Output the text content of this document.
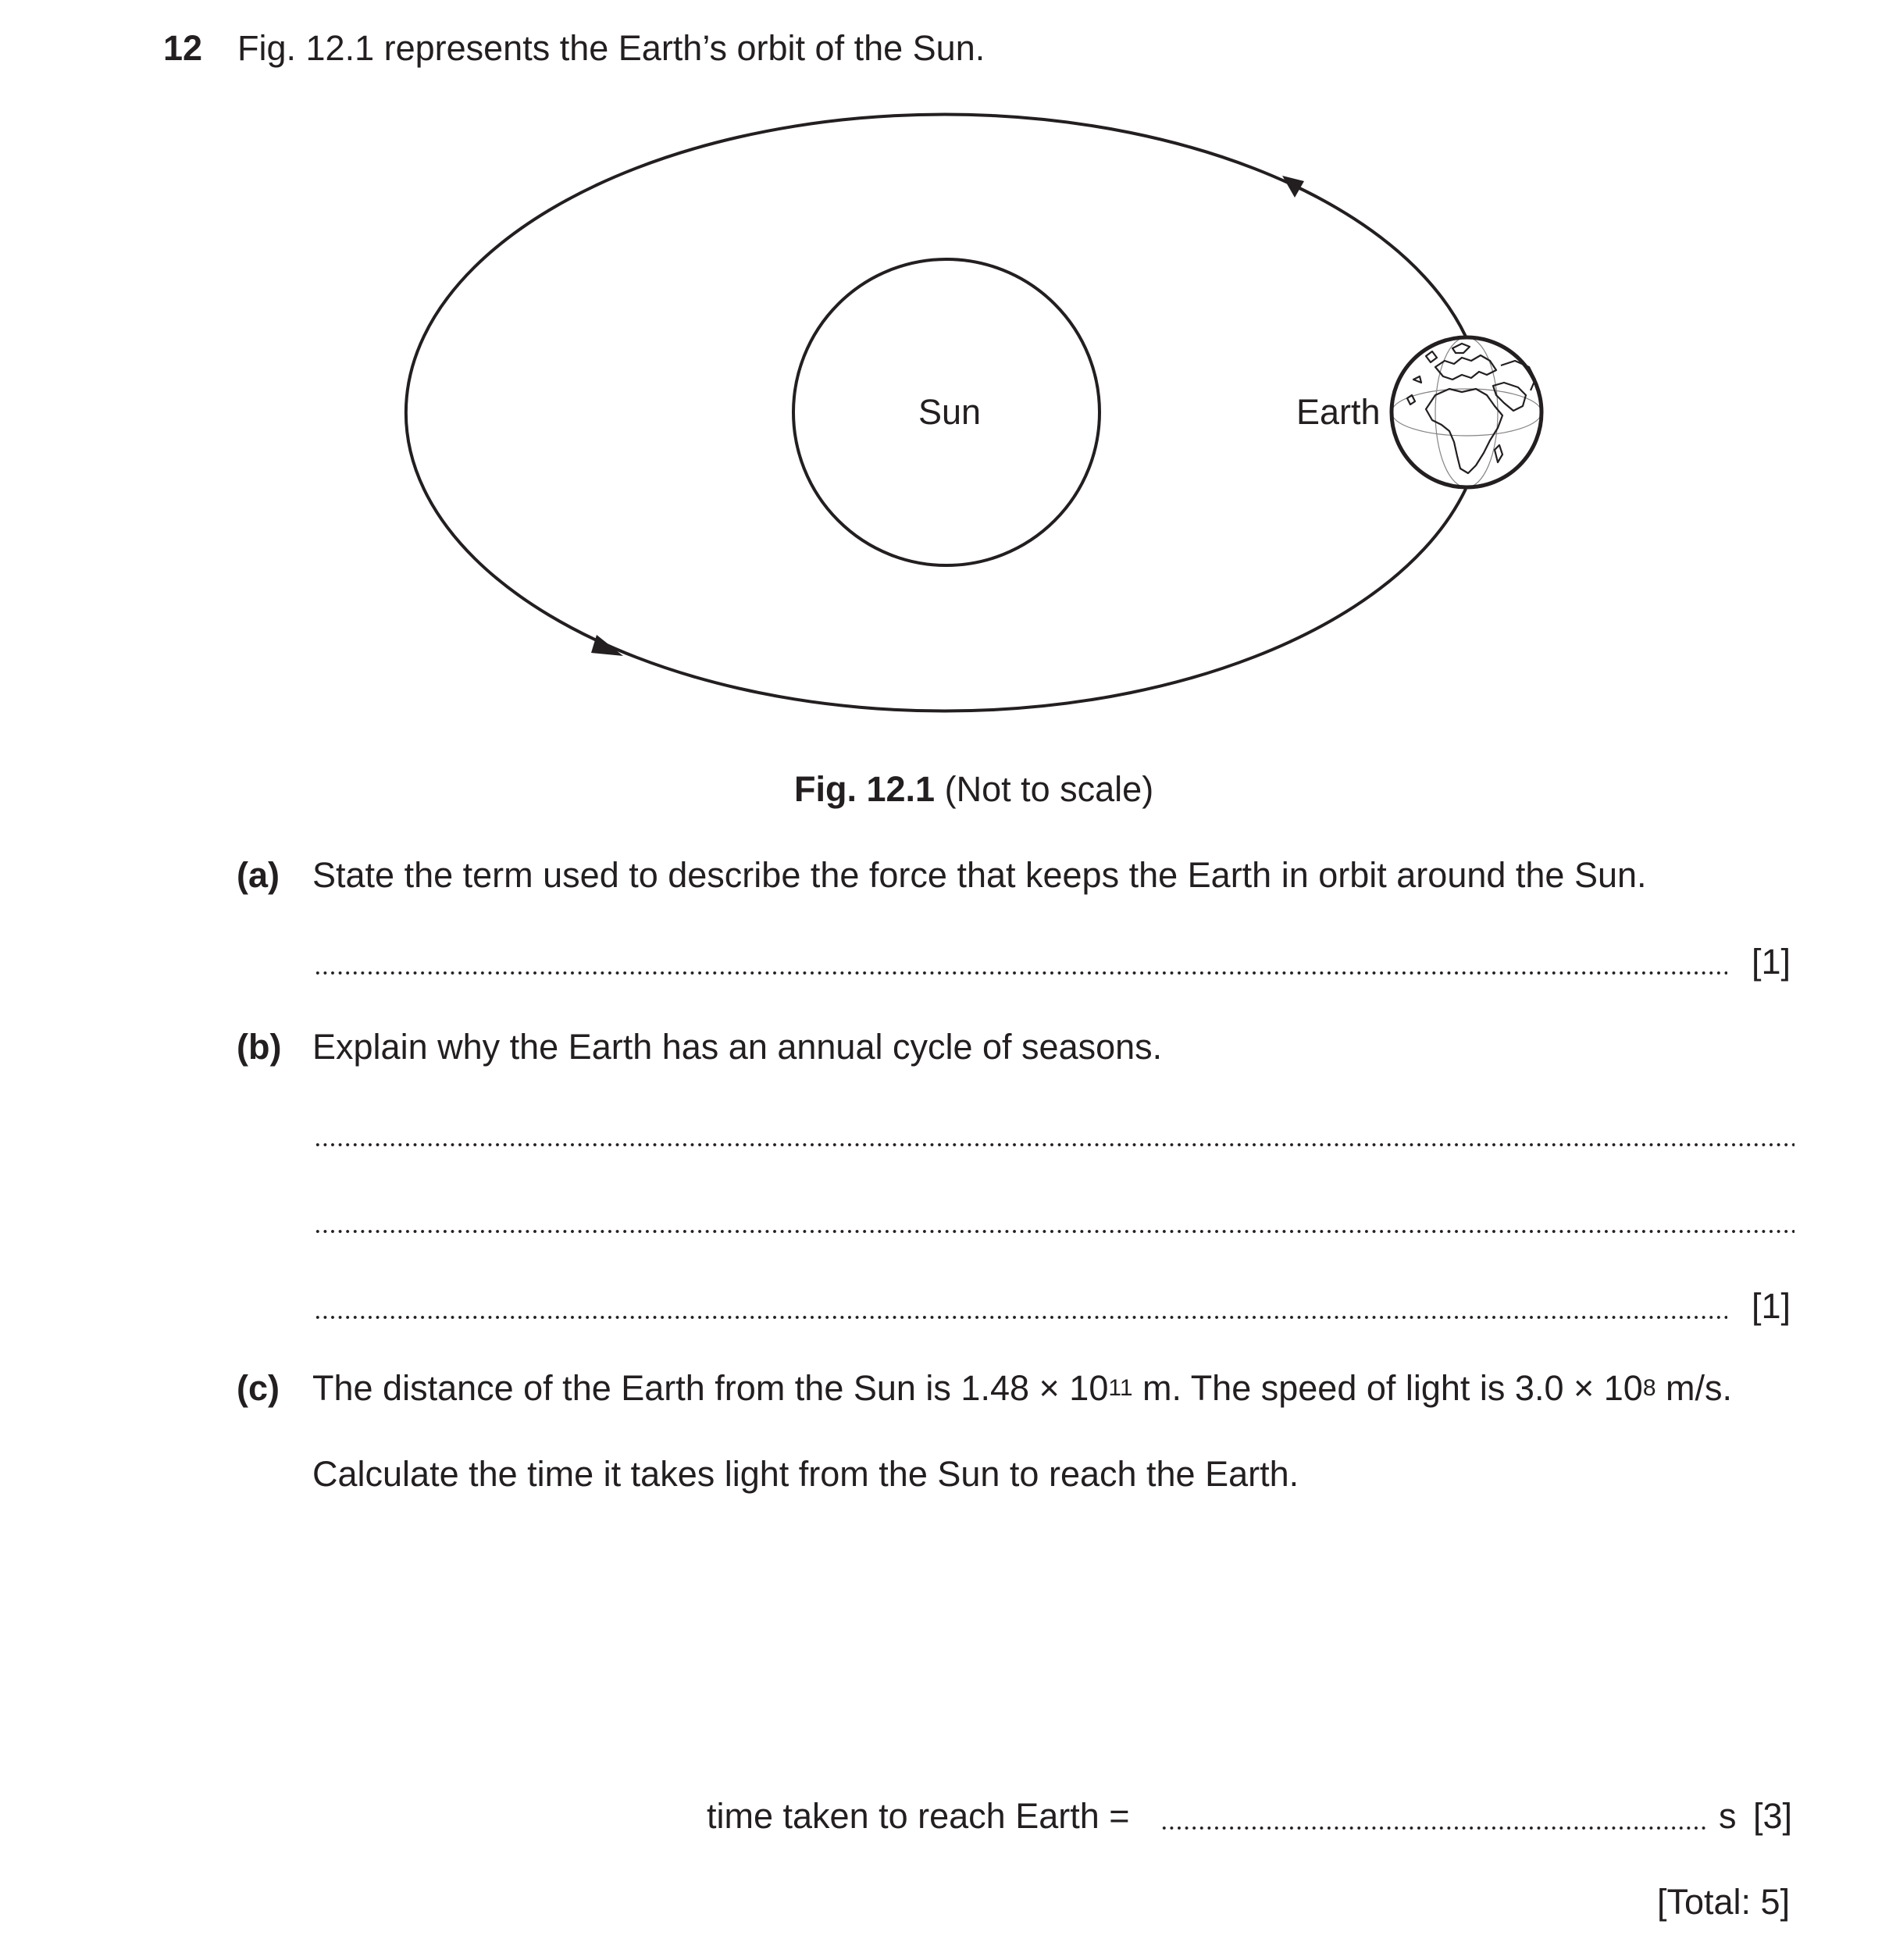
12 Fig. 12.1 represents the Earth’s orbit of the Sun.
Sun	Earth
Fig. 12.1 (Not to scale)
(a) State the term used to describe the force that keeps the Earth in orbit around the Sun.
[1]
(b) Explain why the Earth has an annual cycle of seasons.
[1]
(c) The distance of the Earth from the Sun is $1.48 \times 10^{11}$ m. The speed of light is $3.0 \times 10^8$ m/s.
Calculate the time it takes light from the Sun to reach the Earth.
time taken to reach Earth =	s [3]
[Total: 5]
